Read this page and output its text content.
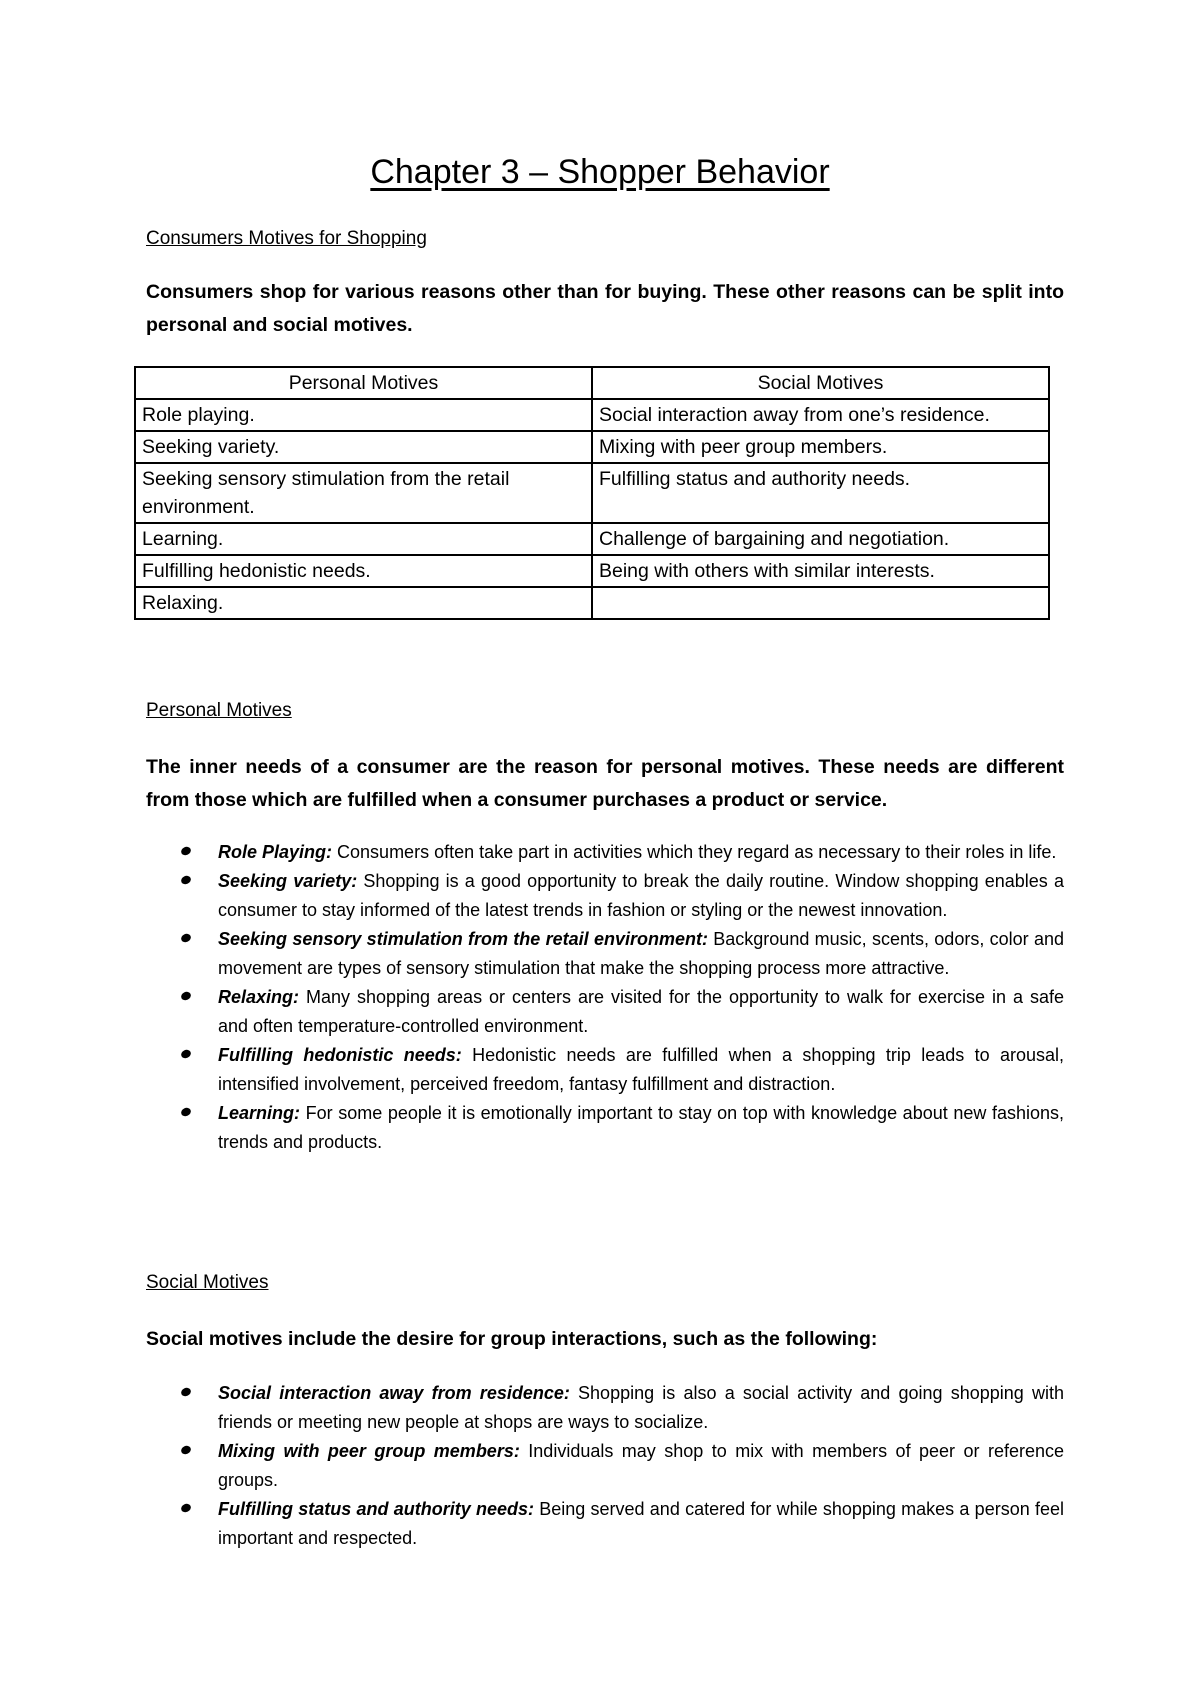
Chapter 3 – Shopper Behavior
Consumers Motives for Shopping

Consumers shop for various reasons other than for buying. These other reasons can be split into personal and social motives.

Personal Motives	Social Motives
Role playing.	Social interaction away from one’s residence.
Seeking variety.	Mixing with peer group members.
Seeking sensory stimulation from the retail environment.	Fulfilling status and authority needs.
Learning.	Challenge of bargaining and negotiation.
Fulfilling hedonistic needs.	Being with others with similar interests.
Relaxing.	
Personal Motives

The inner needs of a consumer are the reason for personal motives. These needs are different from those which are fulfilled when a consumer purchases a product or service.

Role Playing: Consumers often take part in activities which they regard as necessary to their roles in life.
Seeking variety: Shopping is a good opportunity to break the daily routine. Window shopping enables a consumer to stay informed of the latest trends in fashion or styling or the newest innovation.
Seeking sensory stimulation from the retail environment: Background music, scents, odors, color and movement are types of sensory stimulation that make the shopping process more attractive.
Relaxing: Many shopping areas or centers are visited for the opportunity to walk for exercise in a safe and often temperature-controlled environment.
Fulfilling hedonistic needs: Hedonistic needs are fulfilled when a shopping trip leads to arousal, intensified involvement, perceived freedom, fantasy fulfillment and distraction.
Learning: For some people it is emotionally important to stay on top with knowledge about new fashions, trends and products.
Social Motives

Social motives include the desire for group interactions, such as the following:

Social interaction away from residence: Shopping is also a social activity and going shopping with friends or meeting new people at shops are ways to socialize.
Mixing with peer group members: Individuals may shop to mix with members of peer or reference groups.
Fulfilling status and authority needs: Being served and catered for while shopping makes a person feel important and respected.
